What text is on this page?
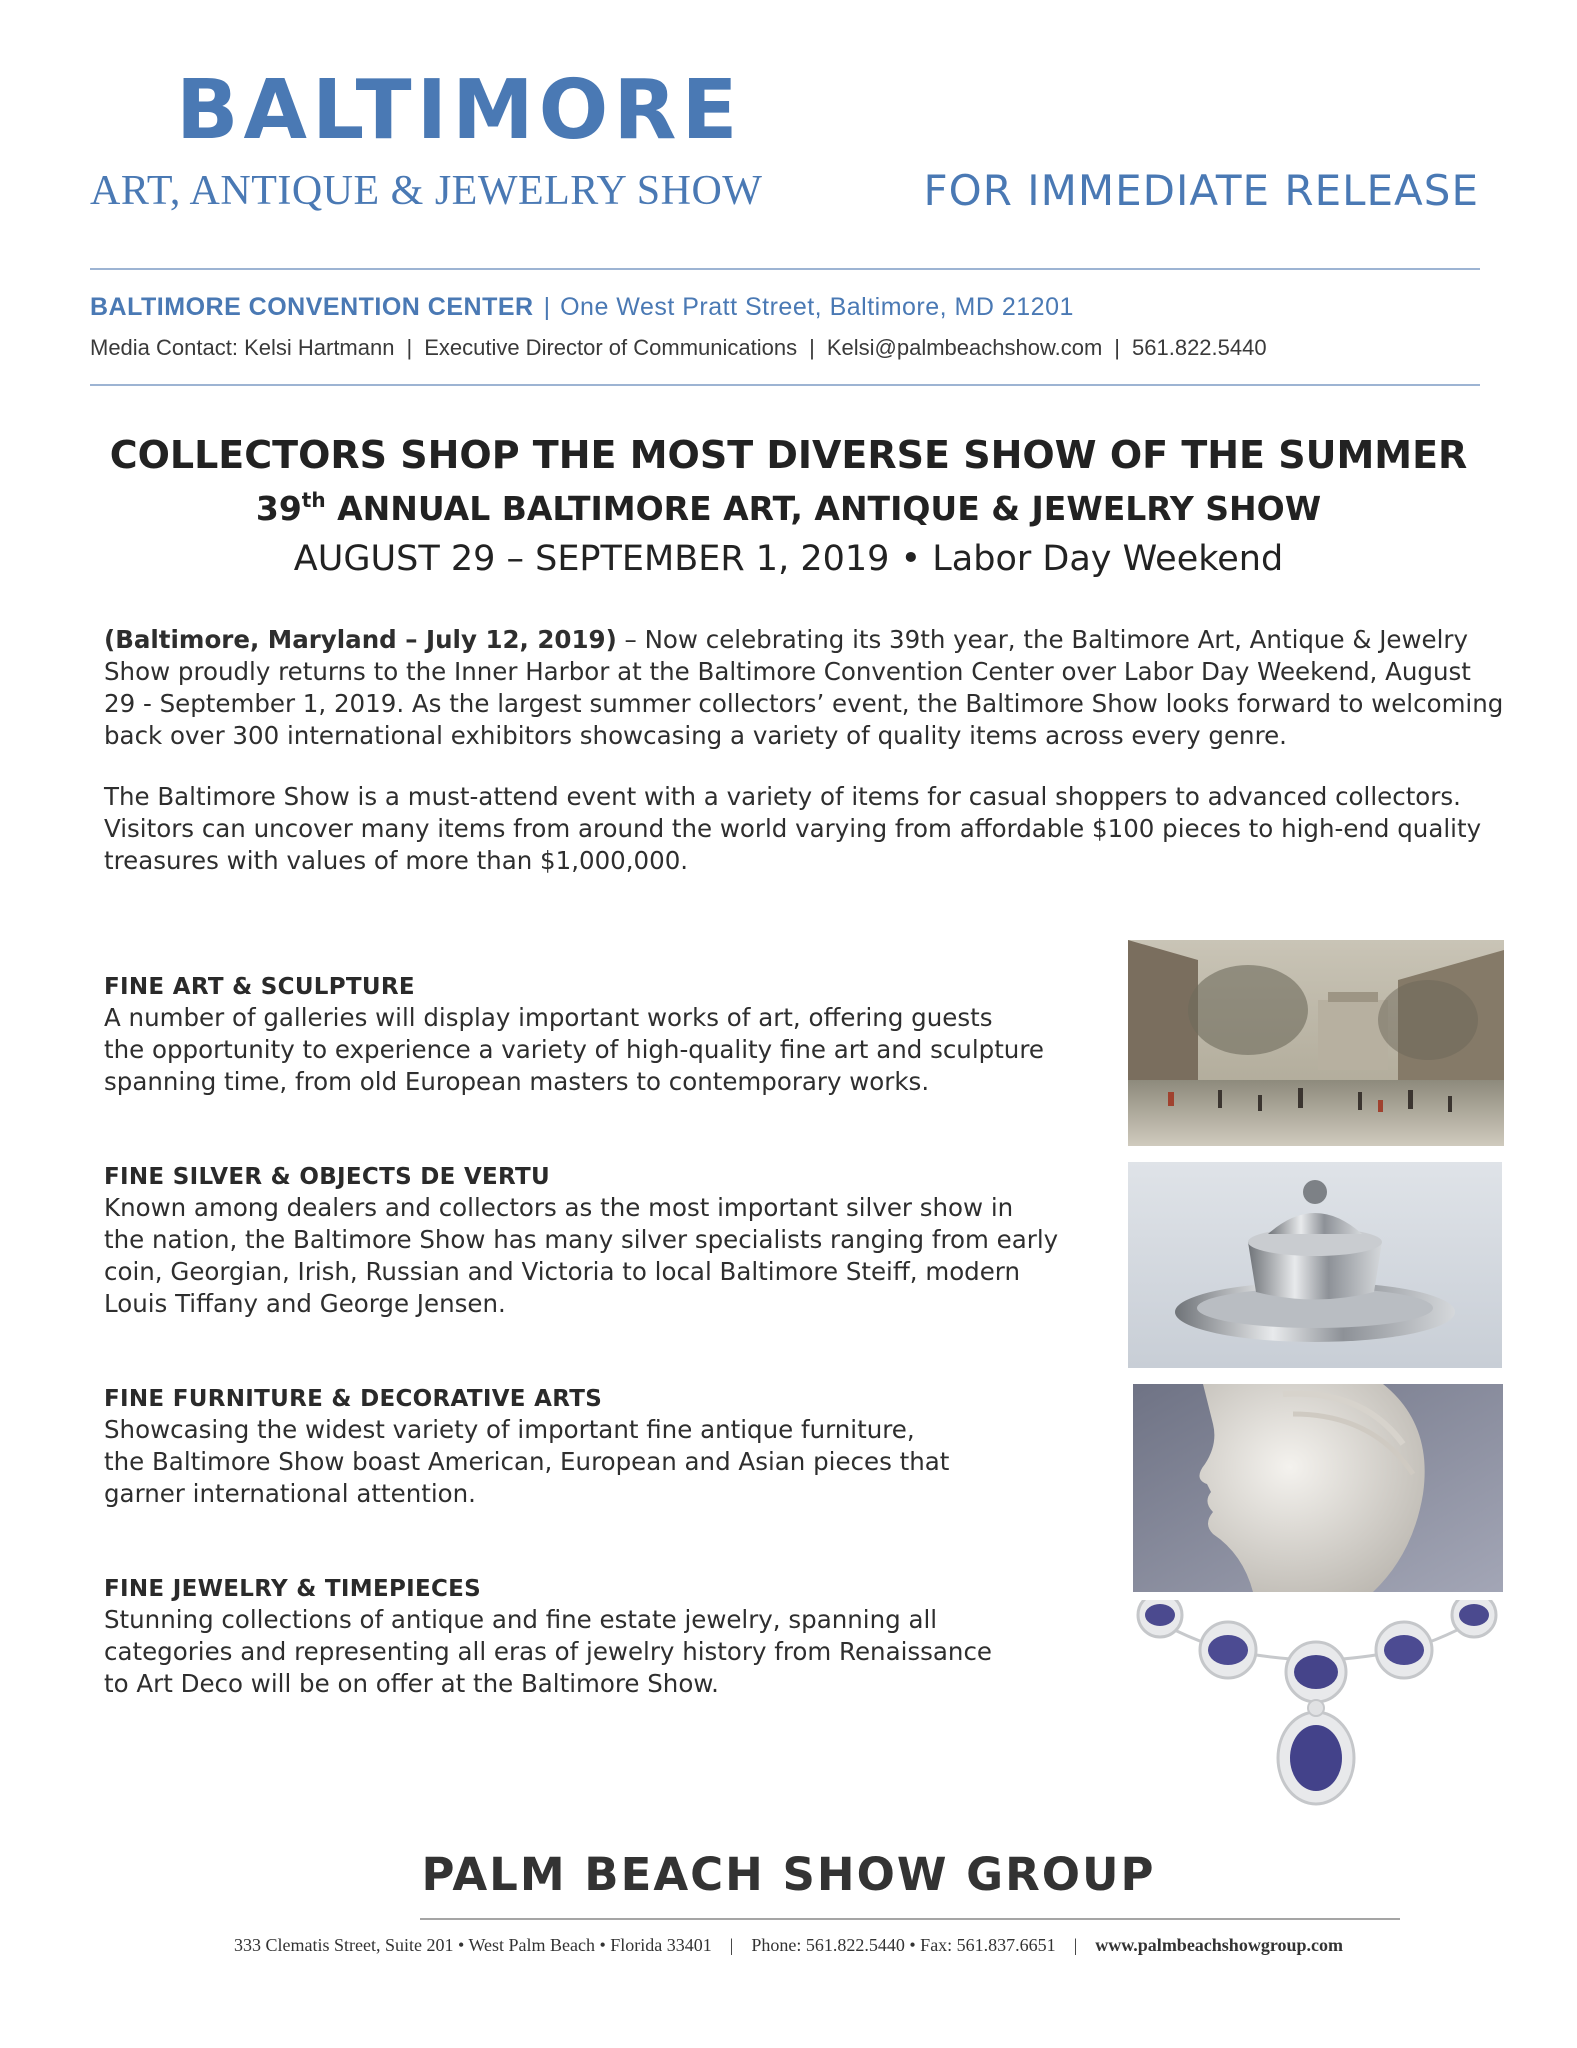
BALTIMORE
ART, ANTIQUE & JEWELRY SHOW	FOR IMMEDIATE RELEASE
BALTIMORE CONVENTION CENTER | One West Pratt Street, Baltimore, MD 21201
Media Contact: Kelsi Hartmann | Executive Director of Communications | Kelsi@palmbeachshow.com | 561.822.5440
COLLECTORS SHOP THE MOST DIVERSE SHOW OF THE SUMMER
39th ANNUAL BALTIMORE ART, ANTIQUE & JEWELRY SHOW
AUGUST 29 – SEPTEMBER 1, 2019 • Labor Day Weekend
(Baltimore, Maryland – July 12, 2019) – Now celebrating its 39th year, the Baltimore Art, Antique & Jewelry Show proudly returns to the Inner Harbor at the Baltimore Convention Center over Labor Day Weekend, August 29 - September 1, 2019. As the largest summer collectors’ event, the Baltimore Show looks forward to welcoming back over 300 international exhibitors showcasing a variety of quality items across every genre.
The Baltimore Show is a must-attend event with a variety of items for casual shoppers to advanced collectors. Visitors can uncover many items from around the world varying from affordable $100 pieces to high-end quality treasures with values of more than $1,000,000.
FINE ART & SCULPTURE
A number of galleries will display important works of art, offering guests
the opportunity to experience a variety of high-quality fine art and sculpture
spanning time, from old European masters to contemporary works.
FINE SILVER & OBJECTS DE VERTU
Known among dealers and collectors as the most important silver show in
the nation, the Baltimore Show has many silver specialists ranging from early
coin, Georgian, Irish, Russian and Victoria to local Baltimore Steiff, modern
Louis Tiffany and George Jensen.
FINE FURNITURE & DECORATIVE ARTS
Showcasing the widest variety of important fine antique furniture,
the Baltimore Show boast American, European and Asian pieces that
garner international attention.
FINE JEWELRY & TIMEPIECES
Stunning collections of antique and fine estate jewelry, spanning all
categories and representing all eras of jewelry history from Renaissance
to Art Deco will be on offer at the Baltimore Show.
PALM BEACH SHOW GROUP
333 Clematis Street, Suite 201 • West Palm Beach • Florida 33401 | Phone: 561.822.5440 • Fax: 561.837.6651 | www.palmbeachshowgroup.com
